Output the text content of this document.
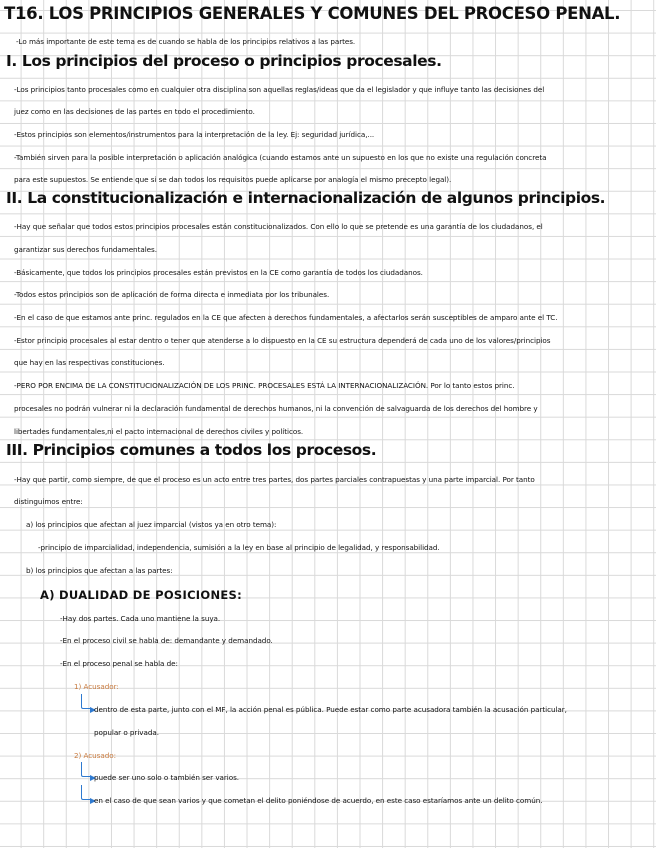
T16. LOS PRINCIPIOS GENERALES Y COMUNES DEL PROCESO PENAL.
-Lo más importante de este tema es de cuando se habla de los principios relativos a las partes.
I. Los principios del proceso o principios procesales.
-Los principios tanto procesales como en cualquier otra disciplina son aquellas reglas/ideas que da el legislador y que influye tanto las decisiones del
juez como en las decisiones de las partes en todo el procedimiento.
-Estos principios son elementos/instrumentos para la interpretación de la ley. Ej: seguridad jurídica,...
-También sirven para la posible interpretación o aplicación analógica (cuando estamos ante un supuesto en los que no existe una regulación concreta
para este supuestos. Se entiende que si se dan todos los requisitos puede aplicarse por analogía el mismo precepto legal).
II. La constitucionalización e internacionalización de algunos principios.
-Hay que señalar que todos estos principios procesales están constitucionalizados. Con ello lo que se pretende es una garantía de los ciudadanos, el
garantizar sus derechos fundamentales.
-Básicamente, que todos los principios procesales están previstos en la CE como garantía de todos los ciudadanos.
-Todos estos principios son de aplicación de forma directa e inmediata por los tribunales.
-En el caso de que estamos ante princ. regulados en la CE que afecten a derechos fundamentales, a afectarlos serán susceptibles de amparo ante el TC.
-Estor principio procesales al estar dentro o tener que atenderse a lo dispuesto en la CE su estructura dependerá de cada uno de los valores/principios
que hay en las respectivas constituciones.
-PERO POR ENCIMA DE LA CONSTITUCIONALIZACIÓN DE LOS PRINC. PROCESALES ESTÁ LA INTERNACIONALIZACIÓN. Por lo tanto estos princ.
procesales no podrán vulnerar ni la declaración fundamental de derechos humanos, ni la convención de salvaguarda de los derechos del hombre y
libertades fundamentales,ni el pacto internacional de derechos civiles y políticos.
III. Principios comunes a todos los procesos.
-Hay que partir, como siempre, de que el proceso es un acto entre tres partes, dos partes parciales contrapuestas y una parte imparcial. Por tanto
distinguimos entre:
a) los principios que afectan al juez imparcial (vistos ya en otro tema):
-principio de imparcialidad, independencia, sumisión a la ley en base al principio de legalidad, y responsabilidad.
b) los principios que afectan a las partes:
A) DUALIDAD DE POSICIONES:
-Hay dos partes. Cada uno mantiene la suya.
-En el proceso civil se habla de: demandante y demandado.
-En el proceso penal se habla de:
1) Acusador:
dentro de esta parte, junto con el MF, la acción penal es pública. Puede estar como parte acusadora también la acusación particular,
popular o privada.
2) Acusado:
puede ser uno solo o también ser varios.
en el caso de que sean varios y que cometan el delito poniéndose de acuerdo, en este caso estaríamos ante un delito común.
